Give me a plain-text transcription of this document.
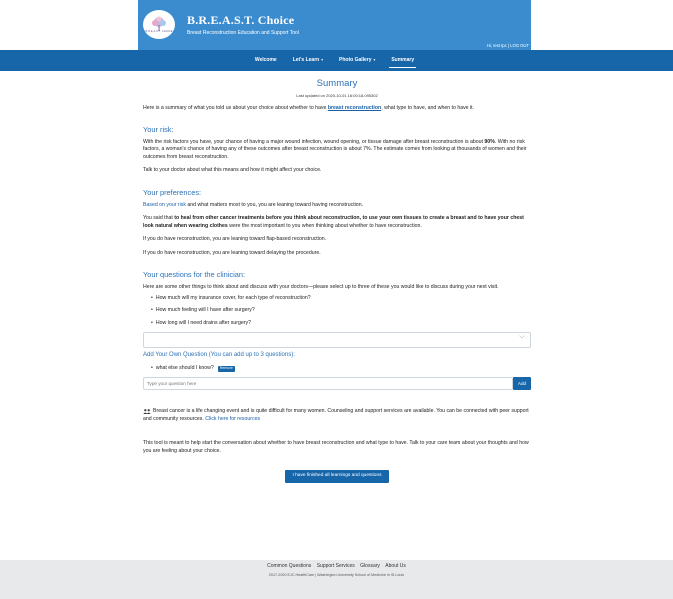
B.R.E.A.S.T. CHOICE
B.R.E.A.S.T. Choice
Breast Reconstruction Education and Support Tool
Hi, test tpc | LOG OUT
Welcome	Let's Learn ▾	Photo Gallery ▾	Summary
Summary
Last updated on 2020-10-01 16:00:18.095302

Here is a summary of what you told us about your choice about whether to have breast reconstruction, what type to have, and when to have it.

Your risk:

With the risk factors you have, your chance of having a major wound infection, wound opening, or tissue damage after breast reconstruction is about 90%. With no risk factors, a woman's chance of having any of these outcomes after breast reconstruction is about 7%. The estimate comes from looking at thousands of women and their outcomes from breast reconstruction.

Talk to your doctor about what this means and how it might affect your choice.

Your preferences:

Based on your risk and what matters most to you, you are leaning toward having reconstruction.

You said that to heal from other cancer treatments before you think about reconstruction, to use your own tissues to create a breast and to have your chest look natural when wearing clothes were the most important to you when thinking about whether to have reconstruction.

If you do have reconstruction, you are leaning toward flap-based reconstruction.

If you do have reconstruction, you are leaning toward delaying the procedure.

Your questions for the clinician:

Here are some other things to think about and discuss with your doctors—please select up to three of these you would like to discuss during your next visit.

• How much will my insurance cover, for each type of reconstruction?
• How much feeling will I have after surgery?
• How long will I need drains after surgery?
﹀
Add Your Own Question (You can add up to 3 questions):
• what else should I know?	Remove
Type your question here	Add

Breast cancer is a life changing event and is quite difficult for many women. Counseling and support services are available. You can be connected with peer support and community resources. Click here for resources

This tool is meant to help start the conversation about whether to have breast reconstruction and what type to have. Talk to your care team about your thoughts and how you are feeling about your choice.

I have finished all learnings and questions
Common Questions Support Services Glossary About Us
2017-2020 EJC HealthCare | Washington University School of Medicine in St Louis
